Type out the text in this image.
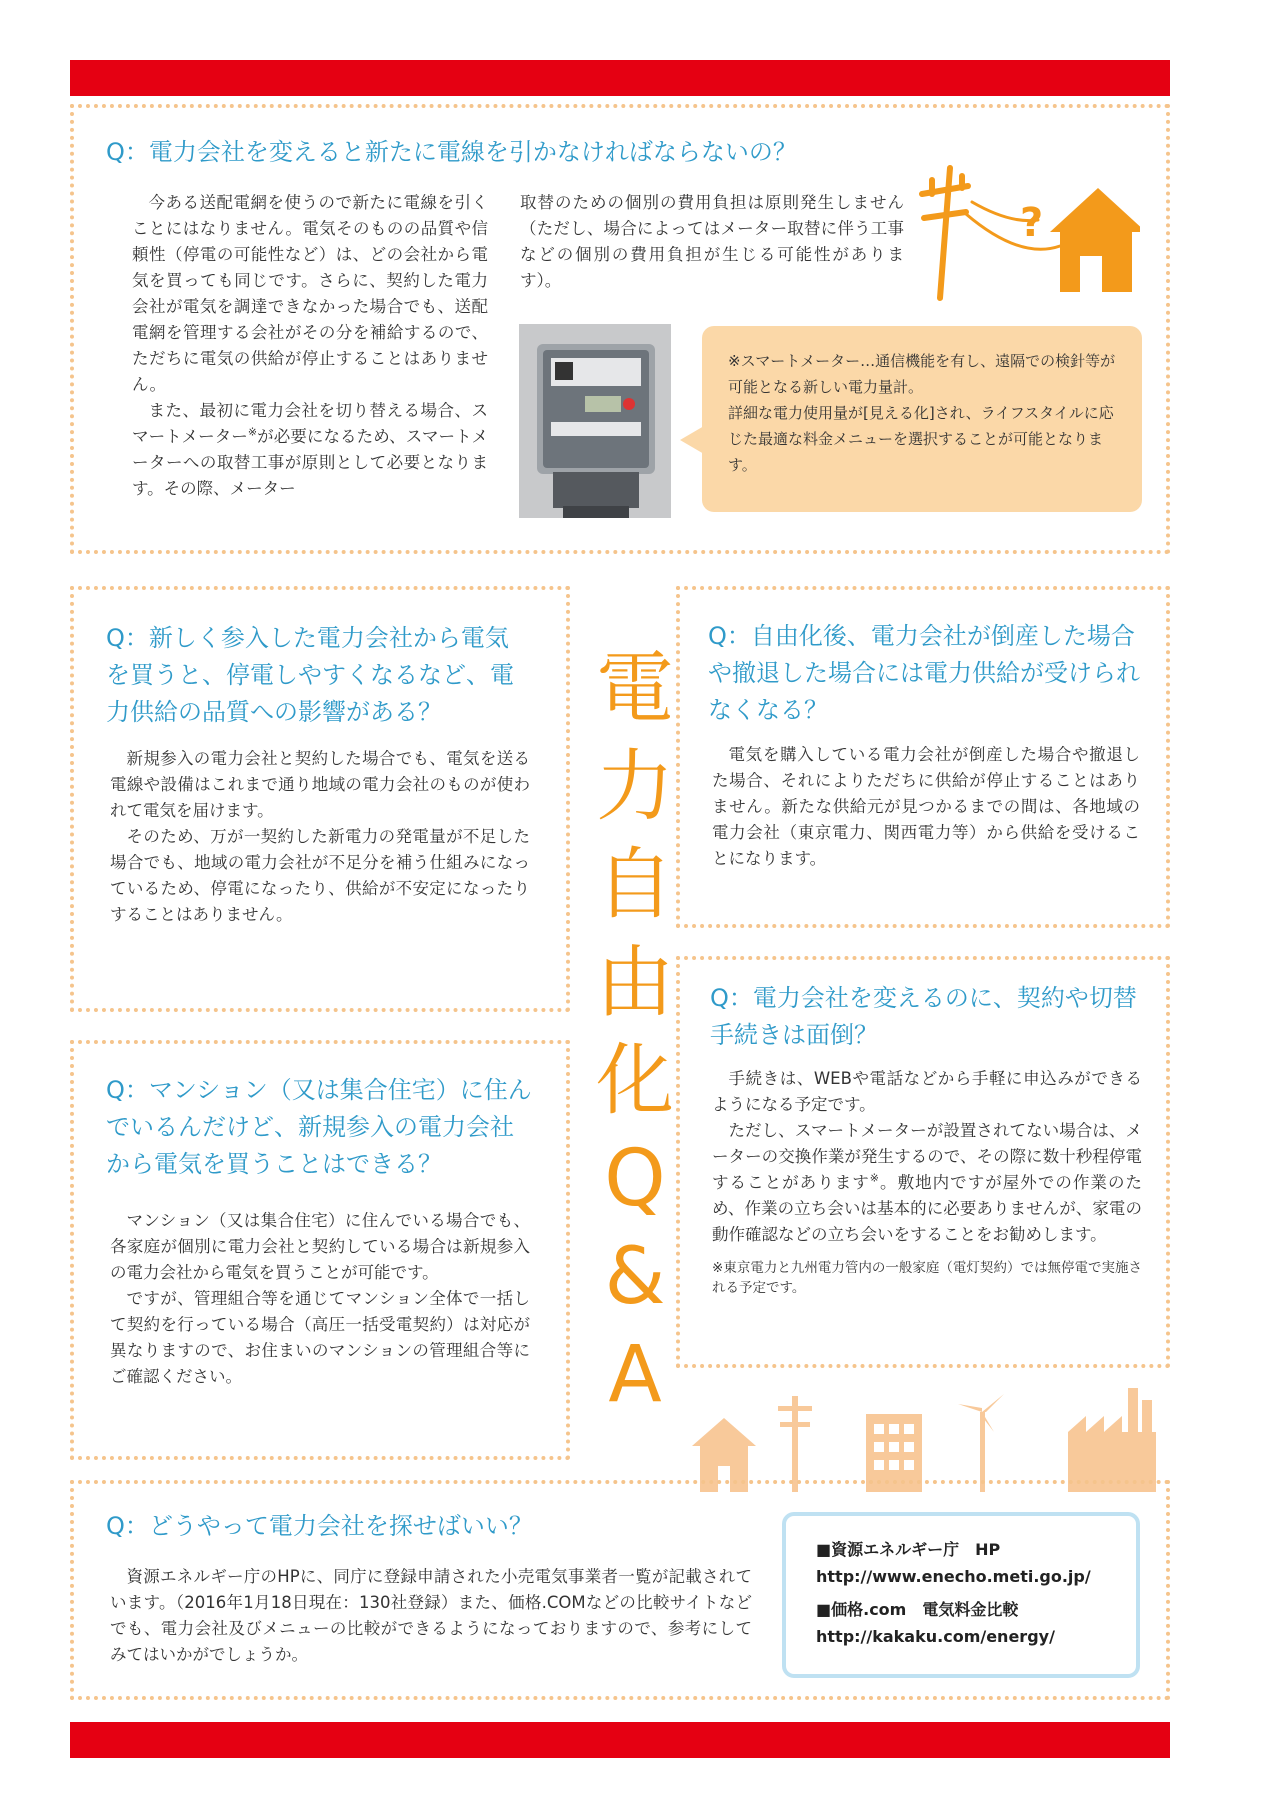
Q：電力会社を変えると新たに電線を引かなければならないの？

今ある送配電網を使うので新たに電線を引くことにはなりません。電気そのものの品質や信頼性（停電の可能性など）は、どの会社から電気を買っても同じです。さらに、契約した電力会社が電気を調達できなかった場合でも、送配電網を管理する会社がその分を補給するので、ただちに電気の供給が停止することはありません。

また、最初に電力会社を切り替える場合、スマートメーター※が必要になるため、スマートメーターへの取替工事が原則として必要となります。その際、メーター

取替のための個別の費用負担は原則発生しません（ただし、場合によってはメーター取替に伴う工事などの個別の費用負担が生じる可能性があります）。

?

※スマートメーター…通信機能を有し、遠隔での検針等が可能となる新しい電力量計。

詳細な電力使用量が[見える化]され、ライフスタイルに応じた最適な料金メニューを選択することが可能となります。

Q：新しく参入した電力会社から電気を買うと、停電しやすくなるなど、電力供給の品質への影響がある？

新規参入の電力会社と契約した場合でも、電気を送る電線や設備はこれまで通り地域の電力会社のものが使われて電気を届けます。

そのため、万が一契約した新電力の発電量が不足した場合でも、地域の電力会社が不足分を補う仕組みになっているため、停電になったり、供給が不安定になったりすることはありません。

電
力
自
由
化
Q
&
A
Q：自由化後、電力会社が倒産した場合や撤退した場合には電力供給が受けられなくなる？

電気を購入している電力会社が倒産した場合や撤退した場合、それによりただちに供給が停止することはありません。新たな供給元が見つかるまでの間は、各地域の電力会社（東京電力、関西電力等）から供給を受けることになります。

Q：電力会社を変えるのに、契約や切替手続きは面倒？

手続きは、WEBや電話などから手軽に申込みができるようになる予定です。

ただし、スマートメーターが設置されてない場合は、メーターの交換作業が発生するので、その際に数十秒程停電することがあります※。敷地内ですが屋外での作業のため、作業の立ち会いは基本的に必要ありませんが、家電の動作確認などの立ち会いをすることをお勧めします。

※東京電力と九州電力管内の一般家庭（電灯契約）では無停電で実施される予定です。

Q：マンション（又は集合住宅）に住んでいるんだけど、新規参入の電力会社から電気を買うことはできる？

マンション（又は集合住宅）に住んでいる場合でも、各家庭が個別に電力会社と契約している場合は新規参入の電力会社から電気を買うことが可能です。

ですが、管理組合等を通じてマンション全体で一括して契約を行っている場合（高圧一括受電契約）は対応が異なりますので、お住まいのマンションの管理組合等にご確認ください。

Q：どうやって電力会社を探せばいい？

資源エネルギー庁のHPに、同庁に登録申請された小売電気事業者一覧が記載されています。（2016年1月18日現在：130社登録）また、価格.COMなどの比較サイトなどでも、電力会社及びメニューの比較ができるようになっておりますので、参考にしてみてはいかがでしょうか。

■資源エネルギー庁　HP

http://www.enecho.meti.go.jp/

■価格.com　電気料金比較

http://kakaku.com/energy/
